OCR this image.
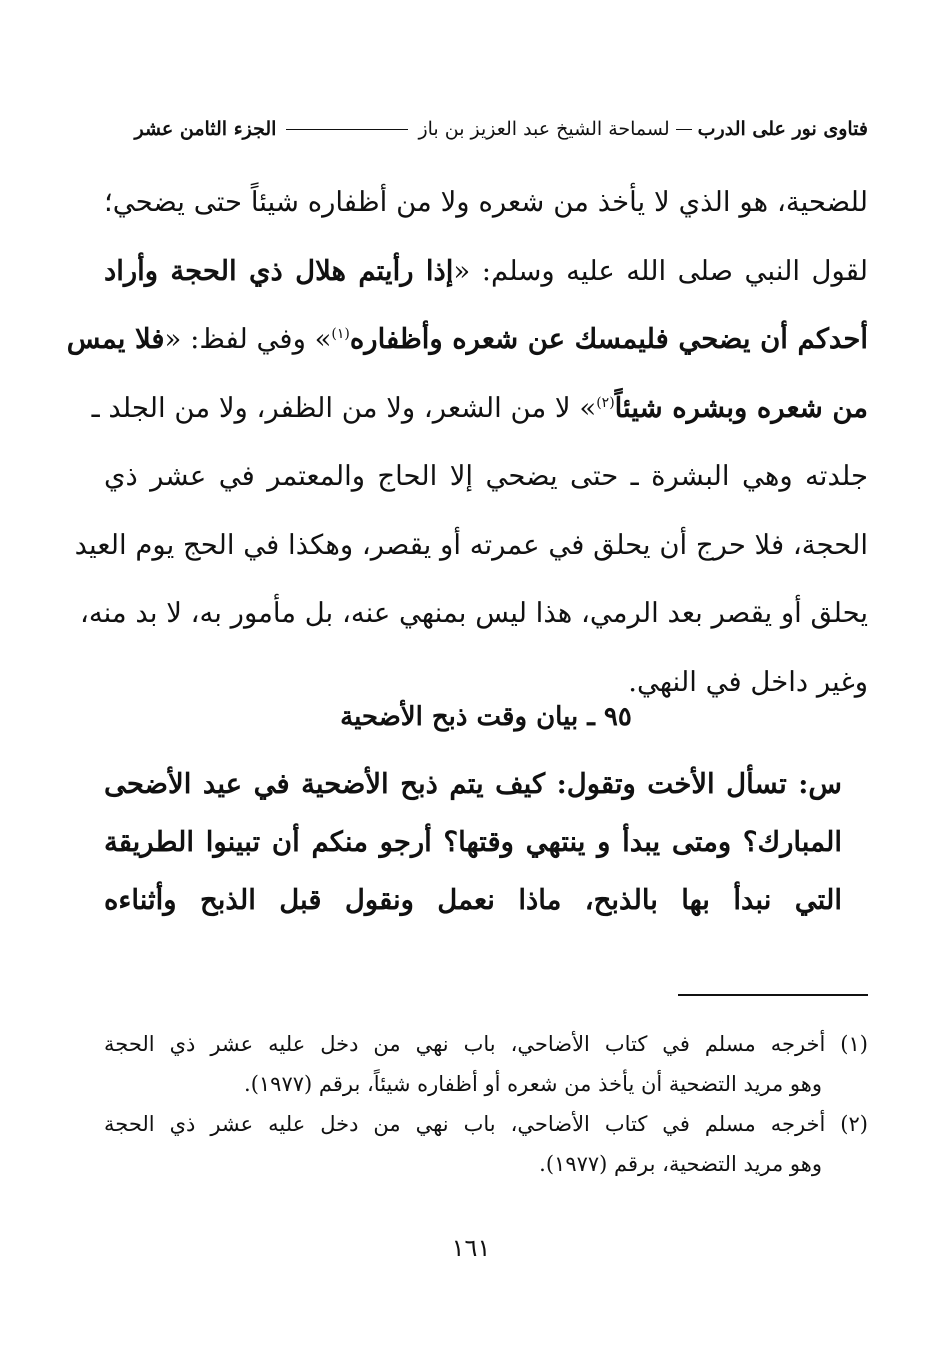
فتاوى نور على الدرب
لسماحة الشيخ عبد العزيز بن باز
الجزء الثامن عشر
للضحية، هو الذي لا يأخذ من شعره ولا من أظفاره شيئاً حتى يضحي؛
لقول النبي صلى الله عليه وسلم: «إذا رأيتم هلال ذي الحجة وأراد
أحدكم أن يضحي فليمسك عن شعره وأظفاره$^{(١)}$» وفي لفظ: «فلا يمس
من شعره وبشره شيئاً$^{(٢)}$» لا من الشعر، ولا من الظفر، ولا من الجلد ـ
جلدته وهي البشرة ـ حتى يضحي إلا الحاج والمعتمر في عشر ذي
الحجة، فلا حرج أن يحلق في عمرته أو يقصر، وهكذا في الحج يوم العيد
يحلق أو يقصر بعد الرمي، هذا ليس بمنهي عنه، بل مأمور به، لا بد منه،
وغير داخل في النهي.
٩٥ ـ بيان وقت ذبح الأضحية
س: تسأل الأخت وتقول: كيف يتم ذبح الأضحية في عيد الأضحى
المبارك؟ ومتى يبدأ و ينتهي وقتها؟ أرجو منكم أن تبينوا الطريقة
التي نبدأ بها بالذبح، ماذا نعمل ونقول قبل الذبح وأثناءه
(١) أخرجه مسلم في كتاب الأضاحي، باب نهي من دخل عليه عشر ذي الحجة
وهو مريد التضحية أن يأخذ من شعره أو أظفاره شيئاً، برقم (١٩٧٧).
(٢) أخرجه مسلم في كتاب الأضاحي، باب نهي من دخل عليه عشر ذي الحجة
وهو مريد التضحية، برقم (١٩٧٧).
١٦١
